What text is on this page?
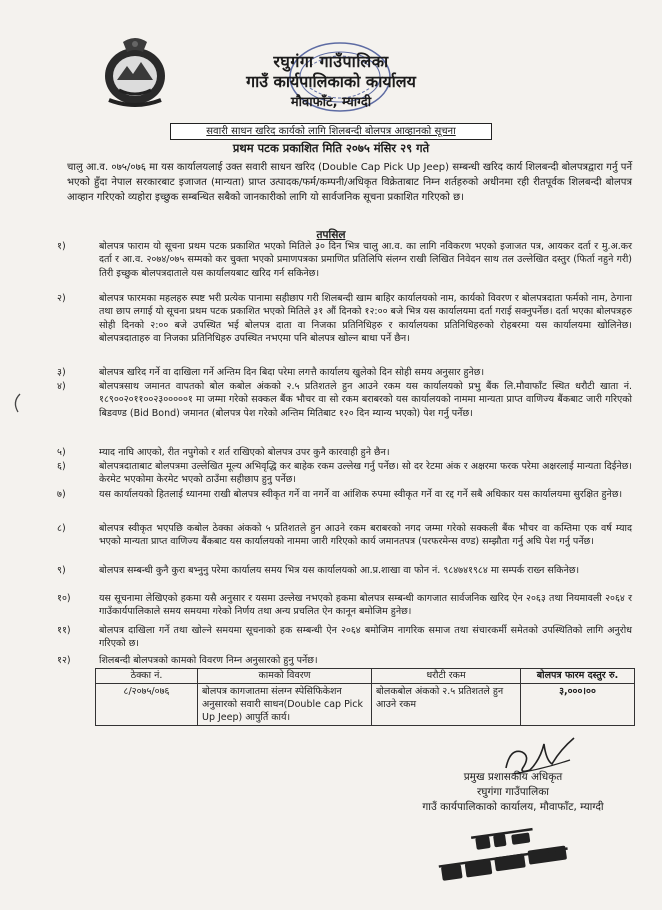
रघुगंगा गाउँपालिका
गाउँ कार्यपालिकाको कार्यालय
मौवाफाँट, म्याग्दी
सवारी साधन खरिद कार्यको लागि शिलबन्दी बोलपत्र आव्हानको सूचना
प्रथम पटक प्रकाशित मिति २०७५ मंसिर २९ गते
चालु आ.व. ०७५/०७६ मा यस कार्यालयलाई उक्त सवारी साधन खरिद (Double Cap Pick Up Jeep) सम्बन्धी खरिद कार्य शिलबन्दी बोलपत्रद्वारा गर्नु पर्ने भएको हुँदा नेपाल सरकारबाट इजाजत (मान्यता) प्राप्त उत्पादक/फर्म/कम्पनी/अधिकृत विक्रेताबाट निम्न शर्तहरुको अधीनमा रही रीतपूर्वक शिलबन्दी बोलपत्र आव्हान गरिएको व्यहोरा इच्छुक सम्बन्धित सबैको जानकारीको लागि यो सार्वजनिक सूचना प्रकाशित गरिएको छ।
तपसिल
१)	बोलपत्र फाराम यो सूचना प्रथम पटक प्रकाशित भएको मितिले ३० दिन भित्र चालु आ.व. का लागि नविकरण भएको इजाजत पत्र, आयकर दर्ता र मु.अ.कर दर्ता र आ.व. २०७४/०७५ सम्मको कर चुक्ता भएको प्रमाणपत्रका प्रमाणित प्रतिलिपि संलग्न राखी लिखित निवेदन साथ तल उल्लेखित दस्तुर (फिर्ता नहुने गरी) तिरी इच्छुक बोलपत्रदाताले यस कार्यालयबाट खरिद गर्न सकिनेछ।
२)	बोलपत्र फारमका महलहरु स्पष्ट भरी प्रत्येक पानामा सहीछाप गरी शिलबन्दी खाम बाहिर कार्यालयको नाम, कार्यको विवरण र बोलपत्रदाता फर्मको नाम, ठेगाना तथा छाप लगाई यो सूचना प्रथम पटक प्रकाशित भएको मितिले ३१ औं दिनको १२:०० बजे भित्र यस कार्यालयमा दर्ता गराई सक्नुपर्नेछ। दर्ता भएका बोलपत्रहरु सोही दिनको २:०० बजे उपस्थित भई बोलपत्र दाता वा निजका प्रतिनिधिहरु र कार्यालयका प्रतिनिधिहरुको रोहबरमा यस कार्यालयमा खोलिनेछ। बोलपत्रदाताहरु वा निजका प्रतिनिधिहरु उपस्थित नभएमा पनि बोलपत्र खोल्न बाधा पर्ने छैन।
३)	बोलपत्र खरिद गर्ने वा दाखिला गर्ने अन्तिम दिन बिदा परेमा लगत्तै कार्यालय खुलेको दिन सोही समय अनुसार हुनेछ।
४)	बोलपत्रसाथ जमानत वापतको बोल कबोल अंकको २.५ प्रतिशतले हुन आउने रकम यस कार्यालयको प्रभु बैंक लि.मौवाफाँट स्थित धरौटी खाता नं. १८९००२०११००२३०००००१ मा जम्मा गरेको सक्कल बैंक भौचर वा सो रकम बराबरको यस कार्यालयको नाममा मान्यता प्राप्त वाणिज्य बैंकबाट जारी गरिएको बिडवण्ड (Bid Bond) जमानत (बोलपत्र पेश गरेको अन्तिम मितिबाट १२० दिन म्यान्य भएको) पेश गर्नु पर्नेछ।
५)	म्याद नाघि आएको, रीत नपुगेको र शर्त राखिएको बोलपत्र उपर कुनै कारवाही हुने छैन।
६)	बोलपत्रदाताबाट बोलपत्रमा उल्लेखित मूल्य अभिवृद्धि कर बाहेक रकम उल्लेख गर्नु पर्नेछ। सो दर रेटमा अंक र अक्षरमा फरक परेमा अक्षरलाई मान्यता दिईनेछ। केरमेट भएकोमा केरमेट भएको ठाउँमा सहीछाप हुनु पर्नेछ।
७)	यस कार्यालयको हितलाई ध्यानमा राखी बोलपत्र स्वीकृत गर्ने वा नगर्ने वा आंशिक रुपमा स्वीकृत गर्ने वा रद्द गर्ने सबै अधिकार यस कार्यालयमा सुरक्षित हुनेछ।
८)	बोलपत्र स्वीकृत भएपछि कबोल ठेक्का अंकको ५ प्रतिशतले हुन आउने रकम बराबरको नगद जम्मा गरेको सक्कली बैंक भौचर वा कम्तिमा एक वर्ष म्याद भएको मान्यता प्राप्त वाणिज्य बैंकबाट यस कार्यालयको नाममा जारी गरिएको कार्य जमानतपत्र (परफरमेन्स वण्ड) सम्झौता गर्नु अघि पेश गर्नु पर्नेछ।
९)	बोलपत्र सम्बन्धी कुनै कुरा बभ्नुनु परेमा कार्यालय समय भित्र यस कार्यालयको आ.प्र.शाखा वा फोन नं. ९८४७४१९८४ मा सम्पर्क राख्न सकिनेछ।
१०)	यस सूचनामा लेखिएको हकमा यसै अनुसार र यसमा उल्लेख नभएको हकमा बोलपत्र सम्बन्धी कागजात सार्वजनिक खरिद ऐन २०६३ तथा नियमावली २०६४ र गाउँकार्यपालिकाले समय समयमा गरेको निर्णय तथा अन्य प्रचलित ऐन कानून बमोजिम हुनेछ।
११)	बोलपत्र दाखिला गर्ने तथा खोल्ने समयमा सूचनाको हक सम्बन्धी ऐन २०६४ बमोजिम नागरिक समाज तथा संचारकर्मी समेतको उपस्थितिको लागि अनुरोध गरिएको छ।
१२)	शिलबन्दी बोलपत्रको कामको विवरण निम्न अनुसारको हुनु पर्नेछ।
ठेक्का नं.	कामको विवरण	धरौटी रकम	बोलपत्र फारम दस्तुर रु.
८/२०७५/०७६	बोलपत्र कागजातमा संलग्न स्पेसिफिकेशन अनुसारको सवारी साधन(Double cap Pick Up Jeep) आपुर्ति कार्य।	बोलकबोल अंकको २.५ प्रतिशतले हुन आउने रकम	३,०००।००
प्रमुख प्रशासकीय अधिकृत
रघुगंगा गाउँपालिका
गाउँ कार्यपालिकाको कार्यालय, मौवाफाँट, म्याग्दी
